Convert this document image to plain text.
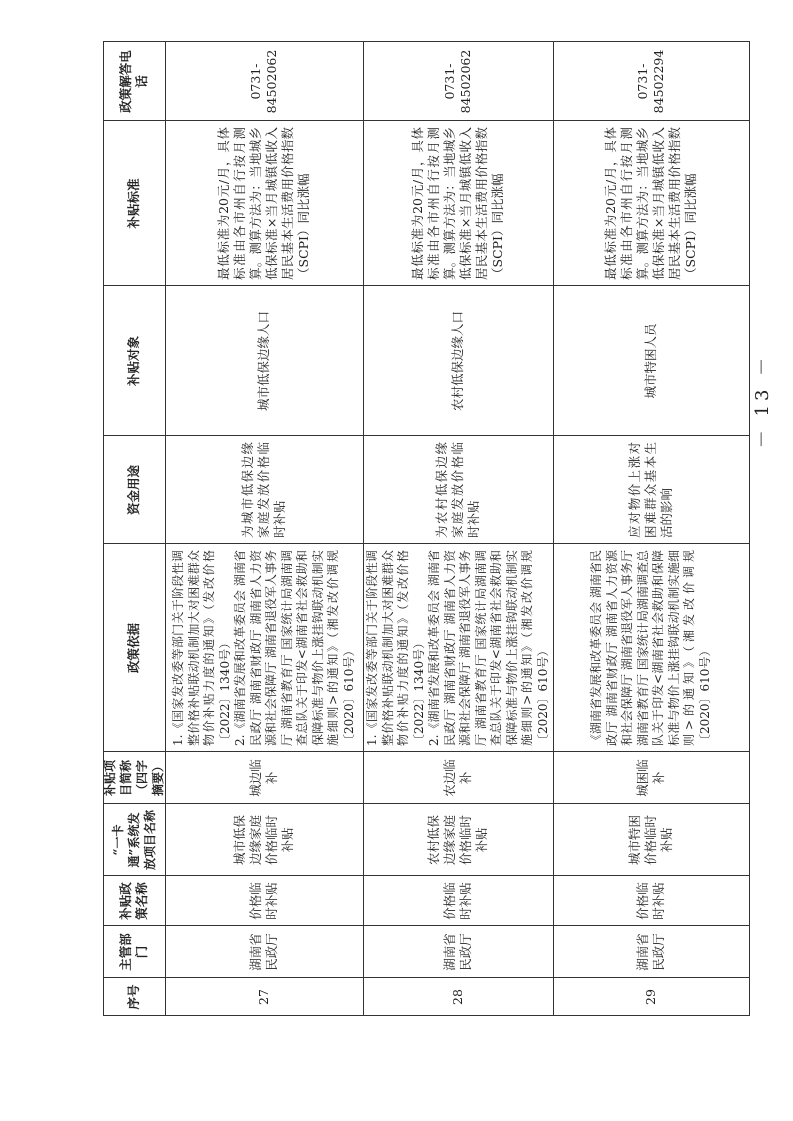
序号
主管部门
补贴政策名称
“一卡通”系统发放项目名称
补贴项目简称（四字摘要）
政策依据
资金用途
补贴对象
补贴标准
政策解答电话
27
湖南省民政厅
价格临时补贴
城市低保边缘家庭价格临时补贴
城边临补
1.《国家发改委等部门关于阶段性调整价格补贴联动机制加大对困难群众物价补贴力度的通知》（发改价格〔2022〕1340号） 2.《湖南省发展和改革委员会 湖南省民政厅 湖南省财政厅 湖南省人力资源和社会保障厅 湖南省退役军人事务厅 湖南省教育厅 国家统计局湖南调查总队关于印发<湖南省社会救助和保障标准与物价上涨挂钩联动机制实施细则>的通知》（湘发改价调规〔2020〕610号）
为城市低保边缘家庭发放价格临时补贴
城市低保边缘人口
最低标准为20元/月，具体标准由各市州自行按月测算。测算方法为：当地城乡低保标准×当月城镇低收入居民基本生活费用价格指数（SCPI）同比涨幅
0731-84502062
28
湖南省民政厅
价格临时补贴
农村低保边缘家庭价格临时补贴
农边临补
1.《国家发改委等部门关于阶段性调整价格补贴联动机制加大对困难群众物价补贴力度的通知》（发改价格〔2022〕1340号） 2.《湖南省发展和改革委员会 湖南省民政厅 湖南省财政厅 湖南省人力资源和社会保障厅 湖南省退役军人事务厅 湖南省教育厅 国家统计局湖南调查总队关于印发<湖南省社会救助和保障标准与物价上涨挂钩联动机制实施细则>的通知》（湘发改价调规〔2020〕610号）
为农村低保边缘家庭发放价格临时补贴
农村低保边缘人口
最低标准为20元/月，具体标准由各市州自行按月测算。测算方法为：当地城乡低保标准×当月城镇低收入居民基本生活费用价格指数（SCPI）同比涨幅
0731-84502062
29
湖南省民政厅
价格临时补贴
城市特困价格临时补贴
城困临补
《湖南省发展和改革委员会 湖南省民政厅 湖南省财政厅 湖南省人力资源和社会保障厅 湖南省退役军人事务厅 湖南省教育厅 国家统计局湖南调查总队关于印发<湖南省社会救助和保障标准与物价上涨挂钩联动机制实施细则>的通知》（湘发改价调规〔2020〕610号）
应对物价上涨对困难群众基本生活的影响
城市特困人员
最低标准为20元/月，具体标准由各市州自行按月测算。测算方法为：当地城乡低保标准×当月城镇低收入居民基本生活费用价格指数（SCPI）同比涨幅
0731-84502294
－ 13 －
